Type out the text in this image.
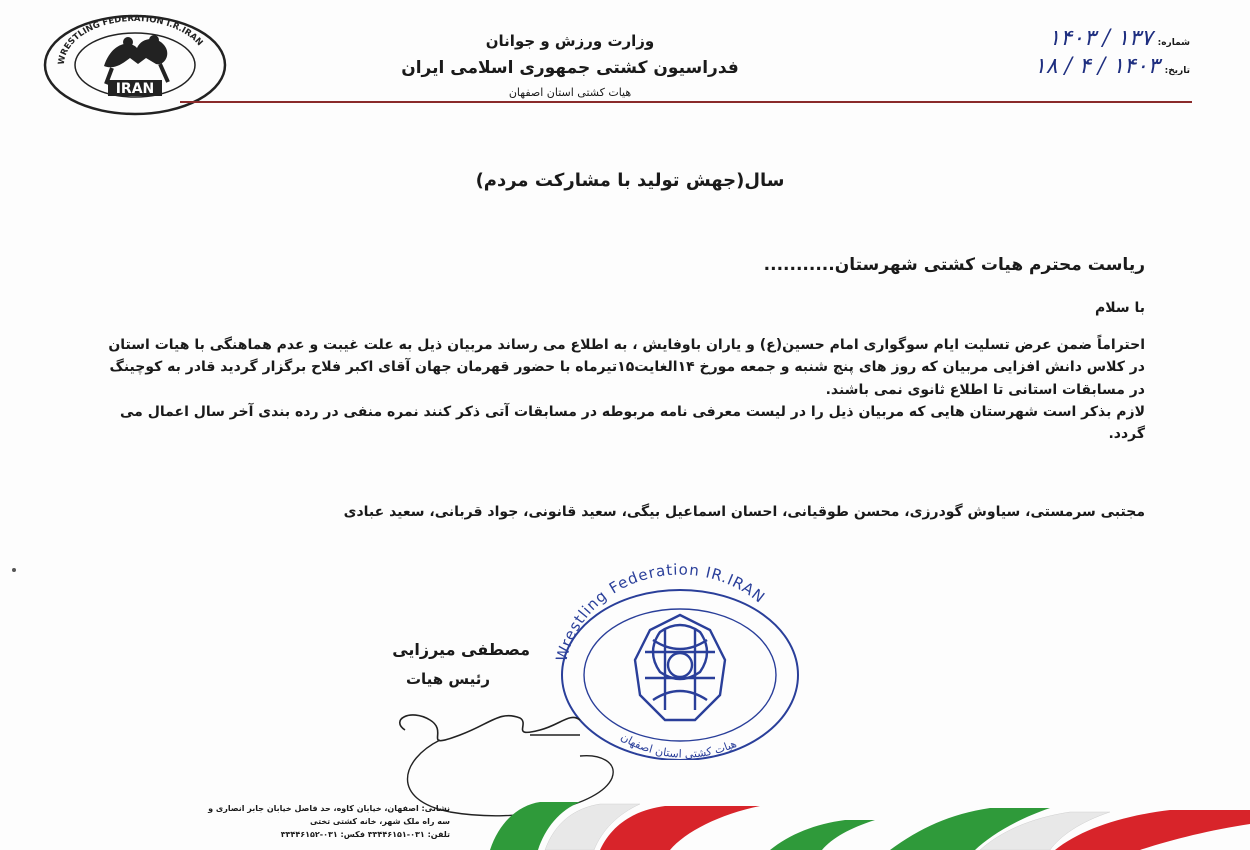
WRESTLING FEDERATION I.R.IRAN
IRAN
وزارت ورزش و جوانان
فدراسیون کشتی جمهوری اسلامی ایران
هیات کشتی استان اصفهان
شماره: ۱۳۷ / ۱۴۰۳
تاریخ: ۱۴۰۳ / ۴ / ۱۸
سال(جهش تولید با مشارکت مردم)
ریاست محترم هیات کشتی شهرستان...........
با سلام

احتراماً ضمن عرض تسلیت ایام سوگواری امام حسین(ع) و یاران باوفایش ، به اطلاع می رساند مربیان ذیل به علت غیبت و عدم هماهنگی با هیات استان در کلاس دانش افزایی مربیان که روز های پنج شنبه و جمعه مورخ ۱۴الغایت۱۵تیرماه با حضور قهرمان جهان آقای اکبر فلاح برگزار گردید قادر به کوچینگ در مسابقات استانی تا اطلاع ثانوی نمی باشند.

لازم بذکر است شهرستان هایی که مربیان ذیل را در لیست معرفی نامه مربوطه در مسابقات آتی ذکر کنند نمره منفی در رده بندی آخر سال اعمال می گردد.

مجتبی سرمستی، سیاوش گودرزی، محسن طوقیانی، احسان اسماعیل بیگی، سعید قانونی، جواد قربانی، سعید عبادی
Wrestling Federation IR.IRAN
هیات کشتی استان اصفهان
مصطفی میرزایی
رئیس هیات
نشانی: اصفهان، خیابان کاوه، حد فاصل خیابان جابر انصاری و
سه راه ملک شهر، خانه کشتی تختی
تلفن: ۰۳۱-۳۳۴۴۶۱۵۱ فکس: ۰۳۱-۳۳۴۴۶۱۵۲
